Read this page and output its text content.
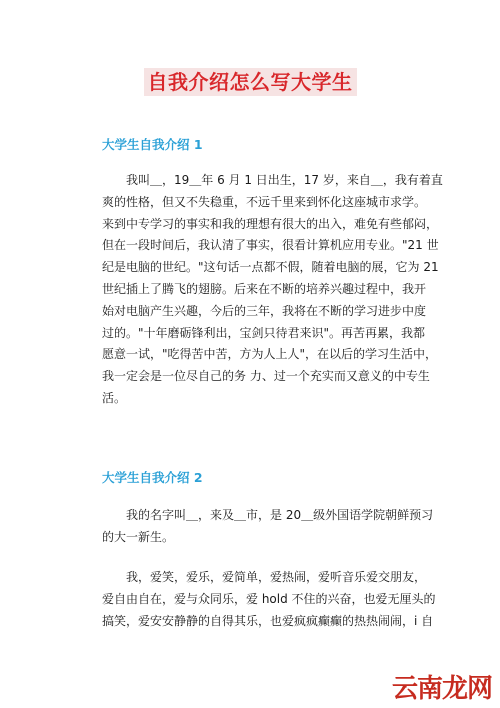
自我介绍怎么写大学生
大学生自我介绍 1
我叫＿，19＿年 6 月 1 日出生，17 岁，来自＿，我有着直
爽的性格，但又不失稳重，不远千里来到怀化这座城市求学。
来到中专学习的事实和我的理想有很大的出入，难免有些郁闷，
但在一段时间后，我认清了事实，很看计算机应用专业。"21 世
纪是电脑的世纪。"这句话一点都不假，随着电脑的展，它为 21
世纪插上了腾飞的翅膀。后来在不断的培养兴趣过程中，我开
始对电脑产生兴趣，今后的三年，我将在不断的学习进步中度
过的。"十年磨砺锋利出，宝剑只待君来识"。再苦再累，我都
愿意一试，"吃得苦中苦，方为人上人"，在以后的学习生活中，
我一定会是一位尽自己的务 力、过一个充实而又意义的中专生
活。
大学生自我介绍 2
我的名字叫＿，来及＿市，是 20＿级外国语学院朝鲜预习
的大一新生。
我，爱笑，爱乐，爱简单，爱热闹，爱听音乐爱交朋友，
爱自由自在，爱与众同乐，爱 hold 不住的兴奋，也爱无厘头的
搞笑，爱安安静静的自得其乐，也爱疯疯癫癫的热热闹闹，i 自
云南龙网
